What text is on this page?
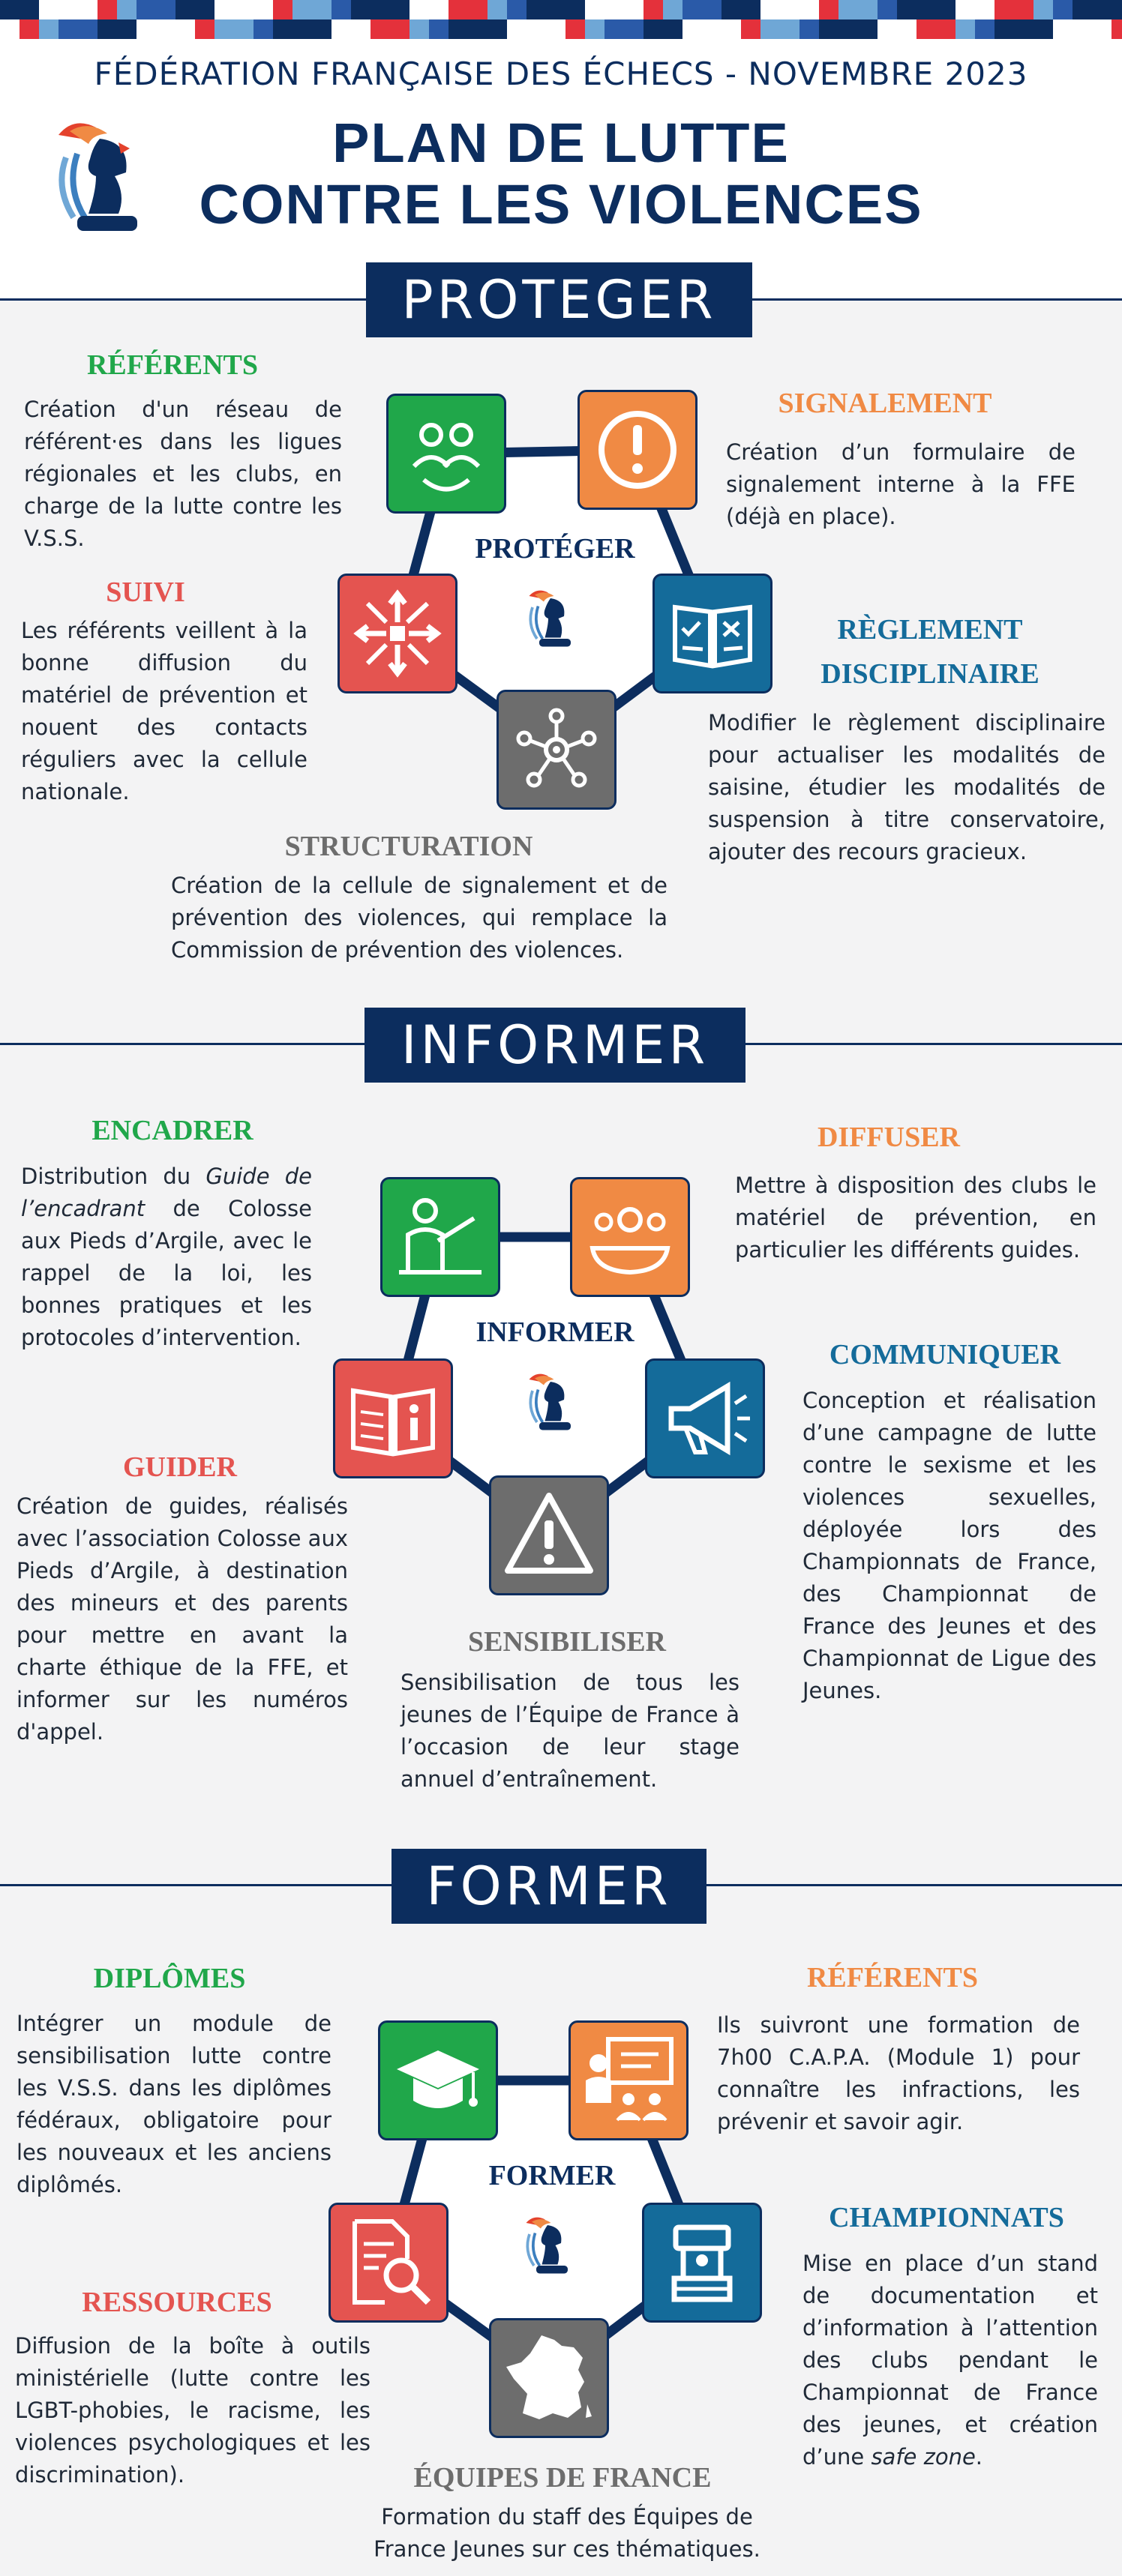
FÉDÉRATION FRANÇAISE DES ÉCHECS - NOVEMBRE 2023
PLAN DE LUTTE
CONTRE LES VIOLENCES
PROTEGER
RÉFÉRENTS
Création d'un réseau de référent·es dans les ligues régionales et les clubs, en charge de la lutte contre les V.S.S.
SUIVI
Les référents veillent à la bonne diffusion du matériel de prévention et nouent des contacts réguliers avec la cellule nationale.
SIGNALEMENT
Création d’un formulaire de signalement interne à la FFE (déjà en place).
RÈGLEMENT
DISCIPLINAIRE
Modifier le règlement disciplinaire pour actualiser les modalités de saisine, étudier les modalités de suspension à titre conservatoire, ajouter des recours gracieux.
STRUCTURATION
Création de la cellule de signalement et de prévention des violences, qui remplace la Commission de prévention des violences.
PROTÉGER
INFORMER
ENCADRER
Distribution du Guide de l’encadrant de Colosse aux Pieds d’Argile, avec le rappel de la loi, les bonnes pratiques et les protocoles d’intervention.
GUIDER
Création de guides, réalisés avec l’association Colosse aux Pieds d’Argile, à destination des mineurs et des parents pour mettre en avant la charte éthique de la FFE, et informer sur les numéros d'appel.
DIFFUSER
Mettre à disposition des clubs le matériel de prévention, en particulier les différents guides.
COMMUNIQUER
Conception et réalisation d’une campagne de lutte contre le sexisme et les violences sexuelles, déployée lors des Championnats de France, des Championnat de France des Jeunes et des Championnat de Ligue des Jeunes.
SENSIBILISER
Sensibilisation de tous les jeunes de l’Équipe de France à l’occasion de leur stage annuel d’entraînement.
INFORMER
FORMER
DIPLÔMES
Intégrer un module de sensibilisation lutte contre les V.S.S. dans les diplômes fédéraux, obligatoire pour les nouveaux et les anciens diplômés.
RESSOURCES
Diffusion de la boîte à outils ministérielle (lutte contre les LGBT-phobies, le racisme, les violences psychologiques et les discrimination).
RÉFÉRENTS
Ils suivront une formation de 7h00 C.A.P.A. (Module 1) pour connaître les infractions, les prévenir et savoir agir.
CHAMPIONNATS
Mise en place d’un stand de documentation et d’information à l’attention des clubs pendant le Championnat de France des jeunes, et création d’une safe zone.
ÉQUIPES DE FRANCE
Formation du staff des Équipes de France Jeunes sur ces thématiques.
FORMER
